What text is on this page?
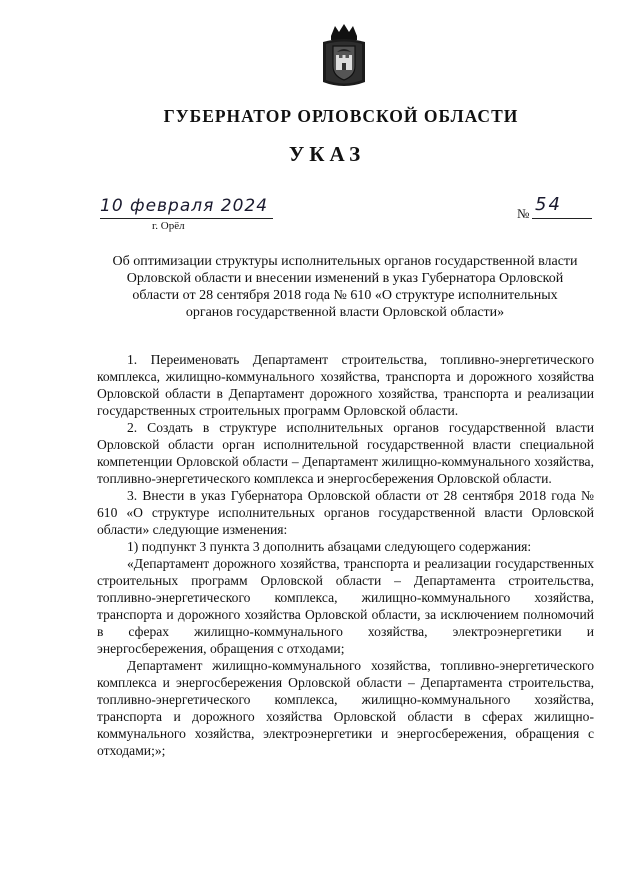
ГУБЕРНАТОР ОРЛОВСКОЙ ОБЛАСТИ
УКАЗ
10 февраля 2024
г. Орёл
№ 54
Об оптимизации структуры исполнительных органов государственной власти Орловской области и внесении изменений в указ Губернатора Орловской области от 28 сентября 2018 года № 610 «О структуре исполнительных органов государственной власти Орловской области»

1. Переименовать Департамент строительства, топливно-энергетического комплекса, жилищно-коммунального хозяйства, транспорта и дорожного хозяйства Орловской области в Департамент дорожного хозяйства, транспорта и реализации государственных строительных программ Орловской области.

2. Создать в структуре исполнительных органов государственной власти Орловской области орган исполнительной государственной власти специальной компетенции Орловской области – Департамент жилищно-коммунального хозяйства, топливно-энергетического комплекса и энергосбережения Орловской области.

3. Внести в указ Губернатора Орловской области от 28 сентября 2018 года № 610 «О структуре исполнительных органов государственной власти Орловской области» следующие изменения:

1) подпункт 3 пункта 3 дополнить абзацами следующего содержания:

«Департамент дорожного хозяйства, транспорта и реализации государственных строительных программ Орловской области – Департамента строительства, топливно-энергетического комплекса, жилищно-коммунального хозяйства, транспорта и дорожного хозяйства Орловской области, за исключением полномочий в сферах жилищно-коммунального хозяйства, электроэнергетики и энергосбережения, обращения с отходами;

Департамент жилищно-коммунального хозяйства, топливно-энергетического комплекса и энергосбережения Орловской области – Департамента строительства, топливно-энергетического комплекса, жилищно-коммунального хозяйства, транспорта и дорожного хозяйства Орловской области в сферах жилищно-коммунального хозяйства, электроэнергетики и энергосбережения, обращения с отходами;»;
